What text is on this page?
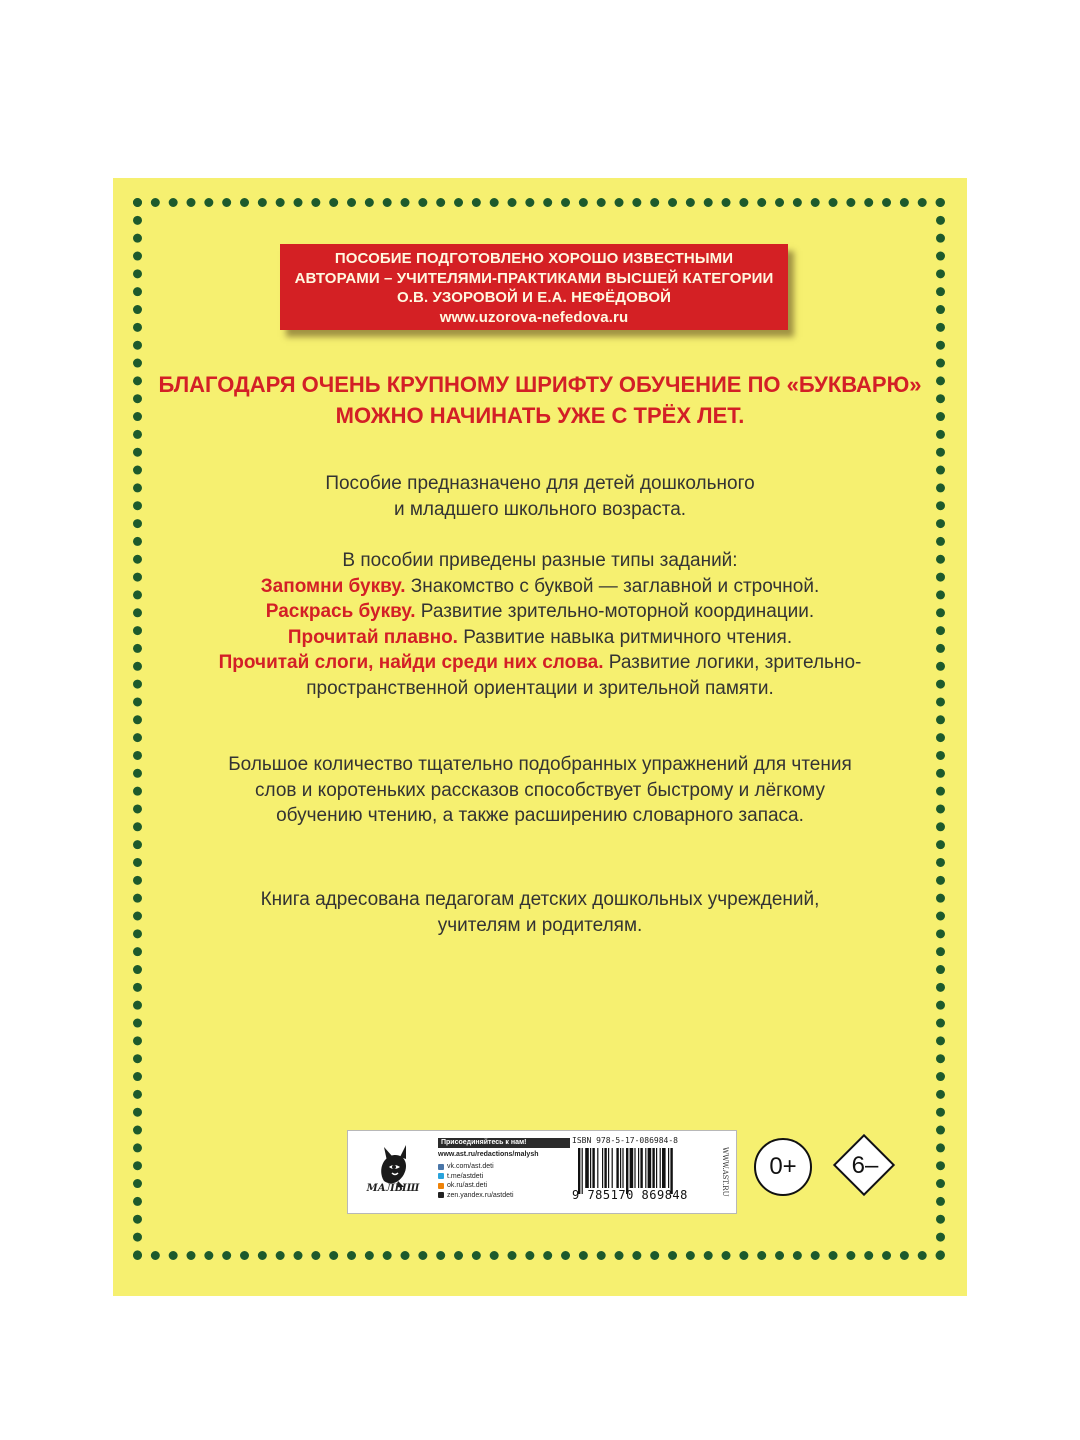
ПОСОБИЕ ПОДГОТОВЛЕНО ХОРОШО ИЗВЕСТНЫМИ
АВТОРАМИ – УЧИТЕЛЯМИ-ПРАКТИКАМИ ВЫСШЕЙ КАТЕГОРИИ
О.В. УЗОРОВОЙ И Е.А. НЕФЁДОВОЙ
www.uzorova-nefedova.ru
БЛАГОДАРЯ ОЧЕНЬ КРУПНОМУ ШРИФТУ ОБУЧЕНИЕ ПО «БУКВАРЮ»
МОЖНО НАЧИНАТЬ УЖЕ С ТРЁХ ЛЕТ.
Пособие предназначено для детей дошкольного
и младшего школьного возраста.
В пособии приведены разные типы заданий:
Запомни букву. Знакомство с буквой — заглавной и строчной.
Раскрась букву. Развитие зрительно-моторной координации.
Прочитай плавно. Развитие навыка ритмичного чтения.
Прочитай слоги, найди среди них слова. Развитие логики, зрительно-
пространственной ориентации и зрительной памяти.
Большое количество тщательно подобранных упражнений для чтения
слов и коротеньких рассказов способствует быстрому и лёгкому
обучению чтению, а также расширению словарного запаса.
Книга адресована педагогам детских дошкольных учреждений,
учителям и родителям.
МАЛЫШ
Присоединяйтесь к нам!
www.ast.ru/redactions/malysh
vk.com/ast.deti
t.me/astdeti
ok.ru/ast.deti
zen.yandex.ru/astdeti
ISBN 978-5-17-086984-8
9 785170 869848	WWW.AST.RU	0+	6–
